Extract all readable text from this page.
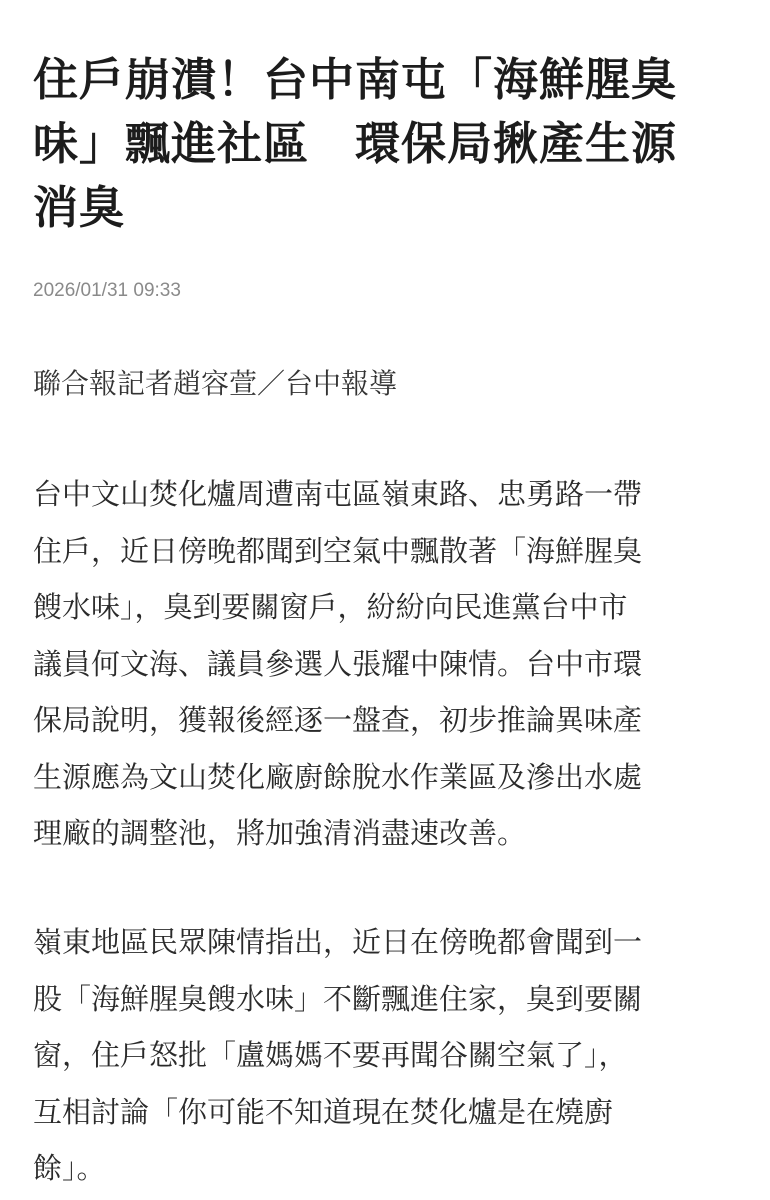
住戶崩潰！台中南屯「海鮮腥臭
味」飄進社區　環保局揪產生源
消臭
2026/01/31 09:33
聯合報記者趙容萱／台中報導
台中文山焚化爐周遭南屯區嶺東路、忠勇路一帶
住戶，近日傍晚都聞到空氣中飄散著「海鮮腥臭
餿水味」，臭到要關窗戶，紛紛向民進黨台中市
議員何文海、議員參選人張耀中陳情。台中市環
保局說明，獲報後經逐一盤查，初步推論異味產
生源應為文山焚化廠廚餘脫水作業區及滲出水處
理廠的調整池，將加強清消盡速改善。
嶺東地區民眾陳情指出，近日在傍晚都會聞到一
股「海鮮腥臭餿水味」不斷飄進住家，臭到要關
窗，住戶怒批「盧媽媽不要再聞谷關空氣了」，
互相討論「你可能不知道現在焚化爐是在燒廚
餘」。
